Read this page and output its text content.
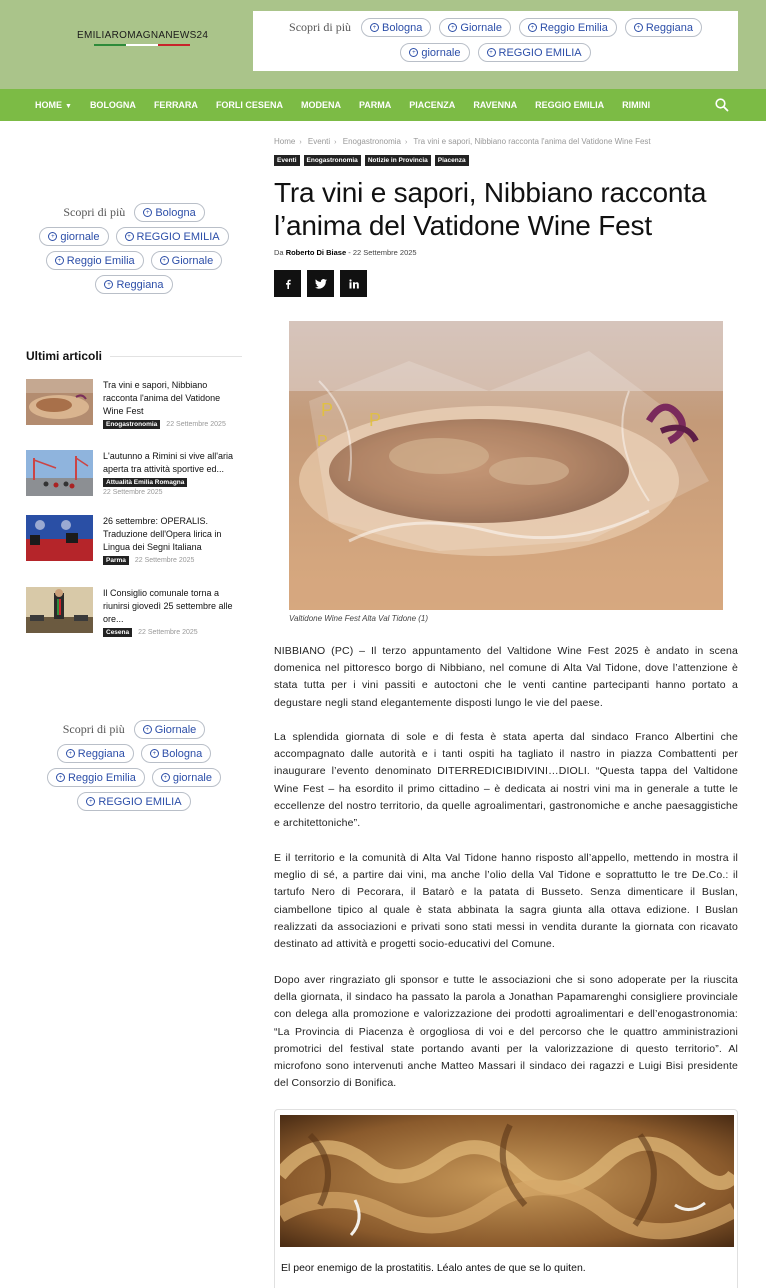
EMILIAROMAGNANEWS24
Scopri di più	+ Bologna	+ Giornale	+ Reggio Emilia	+ Reggiana
+ giornale	+ REGGIO EMILIA
HOME ▼	BOLOGNA	FERRARA	FORLI CESENA	MODENA	PARMA	PIACENZA	RAVENNA	REGGIO EMILIA	RIMINI
Scopri di più	+ Bologna
+ giornale	+ REGGIO EMILIA
+ Reggio Emilia	+ Giornale
+ Reggiana
Ultimi articoli
Tra vini e sapori, Nibbiano racconta l'anima del Vatidone Wine Fest
Enogastronomia	22 Settembre 2025
L'autunno a Rimini si vive all'aria aperta tra attività sportive ed...
Attualità Emilia Romagna
22 Settembre 2025
26 settembre: OPERALIS. Traduzione dell'Opera lirica in Lingua dei Segni Italiana
Parma	22 Settembre 2025
Il Consiglio comunale torna a riunirsi giovedì 25 settembre alle ore...
Cesena	22 Settembre 2025
Scopri di più	+ Giornale
+ Reggiana	+ Bologna
+ Reggio Emilia	+ giornale
+ REGGIO EMILIA
Home › Eventi › Enogastronomia › Tra vini e sapori, Nibbiano racconta l'anima del Vatidone Wine Fest
Eventi	Enogastronomia	Notizie in Provincia	Piacenza
Tra vini e sapori, Nibbiano racconta l’anima del Vatidone Wine Fest
Da Roberto Di Biase - 22 Settembre 2025
P P
P
Valtidone Wine Fest Alta Val Tidone (1)

NIBBIANO (PC) – Il terzo appuntamento del Valtidone Wine Fest 2025 è andato in scena domenica nel pittoresco borgo di Nibbiano, nel comune di Alta Val Tidone, dove l’attenzione è stata tutta per i vini passiti e autoctoni che le venti cantine partecipanti hanno portato a degustare negli stand elegantemente disposti lungo le vie del paese.

La splendida giornata di sole e di festa è stata aperta dal sindaco Franco Albertini che accompagnato dalle autorità e i tanti ospiti ha tagliato il nastro in piazza Combattenti per inaugurare l’evento denominato DITERREDICIBIDIVINI…DIOLI. “Questa tappa del Valtidone Wine Fest – ha esordito il primo cittadino – è dedicata ai nostri vini ma in generale a tutte le eccellenze del nostro territorio, da quelle agroalimentari, gastronomiche e anche paesaggistiche e architettoniche”.

E il territorio e la comunità di Alta Val Tidone hanno risposto all’appello, mettendo in mostra il meglio di sé, a partire dai vini, ma anche l’olio della Val Tidone e soprattutto le tre De.Co.: il tartufo Nero di Pecorara, il Batarò e la patata di Busseto. Senza dimenticare il Buslan, ciambellone tipico al quale è stata abbinata la sagra giunta alla ottava edizione. I Buslan realizzati da associazioni e privati sono stati messi in vendita durante la giornata con ricavato destinato ad attività e progetti socio-educativi del Comune.

Dopo aver ringraziato gli sponsor e tutte le associazioni che si sono adoperate per la riuscita della giornata, il sindaco ha passato la parola a Jonathan Papamarenghi consigliere provinciale con delega alla promozione e valorizzazione dei prodotti agroalimentari e dell’enogastronomia: “La Provincia di Piacenza è orgogliosa di voi e del percorso che le quattro amministrazioni promotrici del festival state portando avanti per la valorizzazione di questo territorio”. Al microfono sono intervenuti anche Matteo Massari il sindaco dei ragazzi e Luigi Bisi presidente del Consorzio di Bonifica.

El peor enemigo de la prostatitis. Léalo antes de que se lo quiten.
